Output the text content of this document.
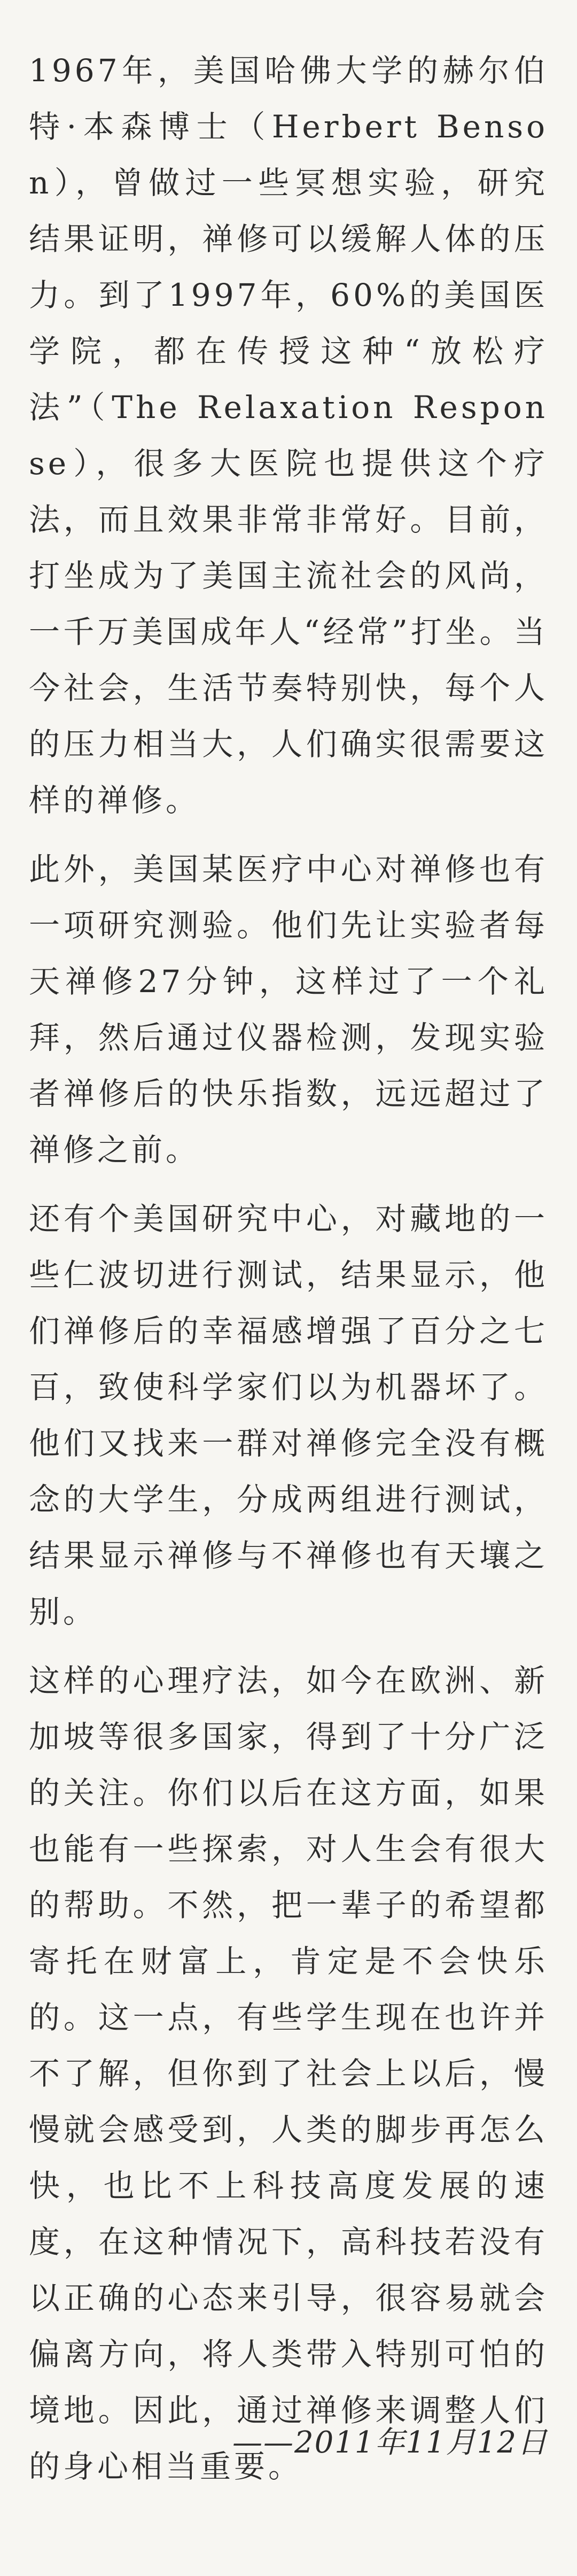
1967年，美国哈佛大学的赫尔伯特·本森博士（Herbert Benson），曾做过一些冥想实验，研究结果证明，禅修可以缓解人体的压力。到了1997年，60%的美国医学院，都在传授这种“放松疗法”（The Relaxation Response），很多大医院也提供这个疗法，而且效果非常非常好。目前，打坐成为了美国主流社会的风尚，一千万美国成年人“经常”打坐。当今社会，生活节奏特别快，每个人的压力相当大，人们确实很需要这样的禅修。

此外，美国某医疗中心对禅修也有一项研究测验。他们先让实验者每天禅修27分钟，这样过了一个礼拜，然后通过仪器检测，发现实验者禅修后的快乐指数，远远超过了禅修之前。

还有个美国研究中心，对藏地的一些仁波切进行测试，结果显示，他们禅修后的幸福感增强了百分之七百，致使科学家们以为机器坏了。他们又找来一群对禅修完全没有概念的大学生，分成两组进行测试，结果显示禅修与不禅修也有天壤之别。

这样的心理疗法，如今在欧洲、新加坡等很多国家，得到了十分广泛的关注。你们以后在这方面，如果也能有一些探索，对人生会有很大的帮助。不然，把一辈子的希望都寄托在财富上，肯定是不会快乐的。这一点，有些学生现在也许并不了解，但你到了社会上以后，慢慢就会感受到，人类的脚步再怎么快，也比不上科技高度发展的速度，在这种情况下，高科技若没有以正确的心态来引导，很容易就会偏离方向，将人类带入特别可怕的境地。因此，通过禅修来调整人们的身心相当重要。

——2011年11月12日
